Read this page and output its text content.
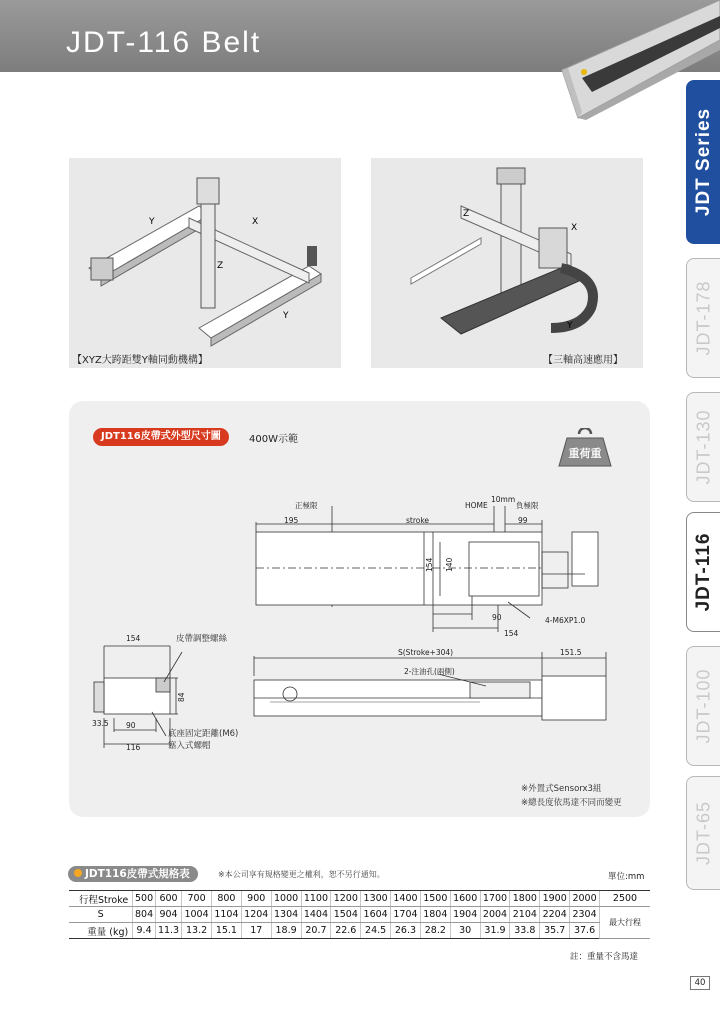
JDT-116 Belt
JDT Series
JDT-178
JDT-130
JDT-116
JDT-100
JDT-65
Y	X
Z
Y
【XYZ大跨距雙Y軸同動機構】
Z
X
Y
【三軸高速應用】
JDT116皮帶式外型尺寸圖	400W示範
重荷重
正極限	HOME
10mm
負極限
195	stroke	99
154 140
90
154
4-M6XP1.0
154
84
33.5 90
116
皮帶調整螺絲
底座固定距離(M6)
塞入式螺帽
S(Stroke+304)	151.5
2-注油孔(兩側)
※外置式Sensorx3組
※總長度依馬達不同而變更
JDT116皮帶式規格表	※本公司享有規格變更之權利，恕不另行通知。	單位:mm
行程Stroke	500	600	700	800	900	1000	1100	1200	1300	1400	1500	1600	1700	1800	1900	2000	2500
S	804	904	1004	1104	1204	1304	1404	1504	1604	1704	1804	1904	2004	2104	2204	2304	最大行程
重量 (kg)	9.4	11.3	13.2	15.1	17	18.9	20.7	22.6	24.5	26.3	28.2	30	31.9	33.8	35.7	37.6	
註：重量不含馬達
40
